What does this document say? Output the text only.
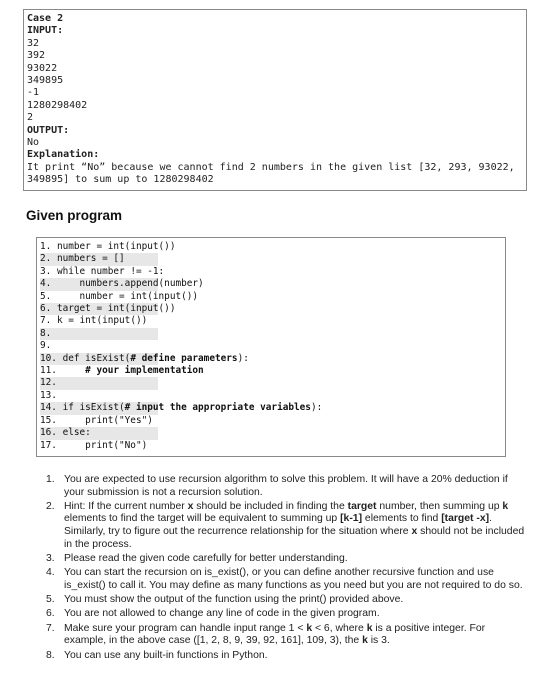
Case 2
INPUT:
32
392
93022
349895
-1
1280298402
2
OUTPUT:
No
Explanation:
It print “No” because we cannot find 2 numbers in the given list [32, 293, 93022, 349895] to sum up to 1280298402
Given program
1. number = int(input())
2. numbers = []
3. while number != -1:
4.     numbers.append(number)
5.     number = int(input())
6. target = int(input())
7. k = int(input())
8.
9.
10. def isExist(# define parameters):
11.	# your implementation
12.
13.
14. if isExist(# input the appropriate variables):
15.     print("Yes")
16. else:
17.     print("No")
1. You are expected to use recursion algorithm to solve this problem. It will have a 20% deduction if your submission is not a recursion solution.
2. Hint: If the current number x should be included in finding the target number, then summing up k elements to find the target will be equivalent to summing up [k-1] elements to find [target -x]. Similarly, try to figure out the recurrence relationship for the situation where x should not be included in the process.
3. Please read the given code carefully for better understanding.
4. You can start the recursion on is_exist(), or you can define another recursive function and use is_exist() to call it. You may define as many functions as you need but you are not required to do so.
5. You must show the output of the function using the print() provided above.
6. You are not allowed to change any line of code in the given program.
7. Make sure your program can handle input range 1 < k < 6, where k is a positive integer. For example, in the above case ([1, 2, 8, 9, 39, 92, 161], 109, 3), the k is 3.
8. You can use any built-in functions in Python.
